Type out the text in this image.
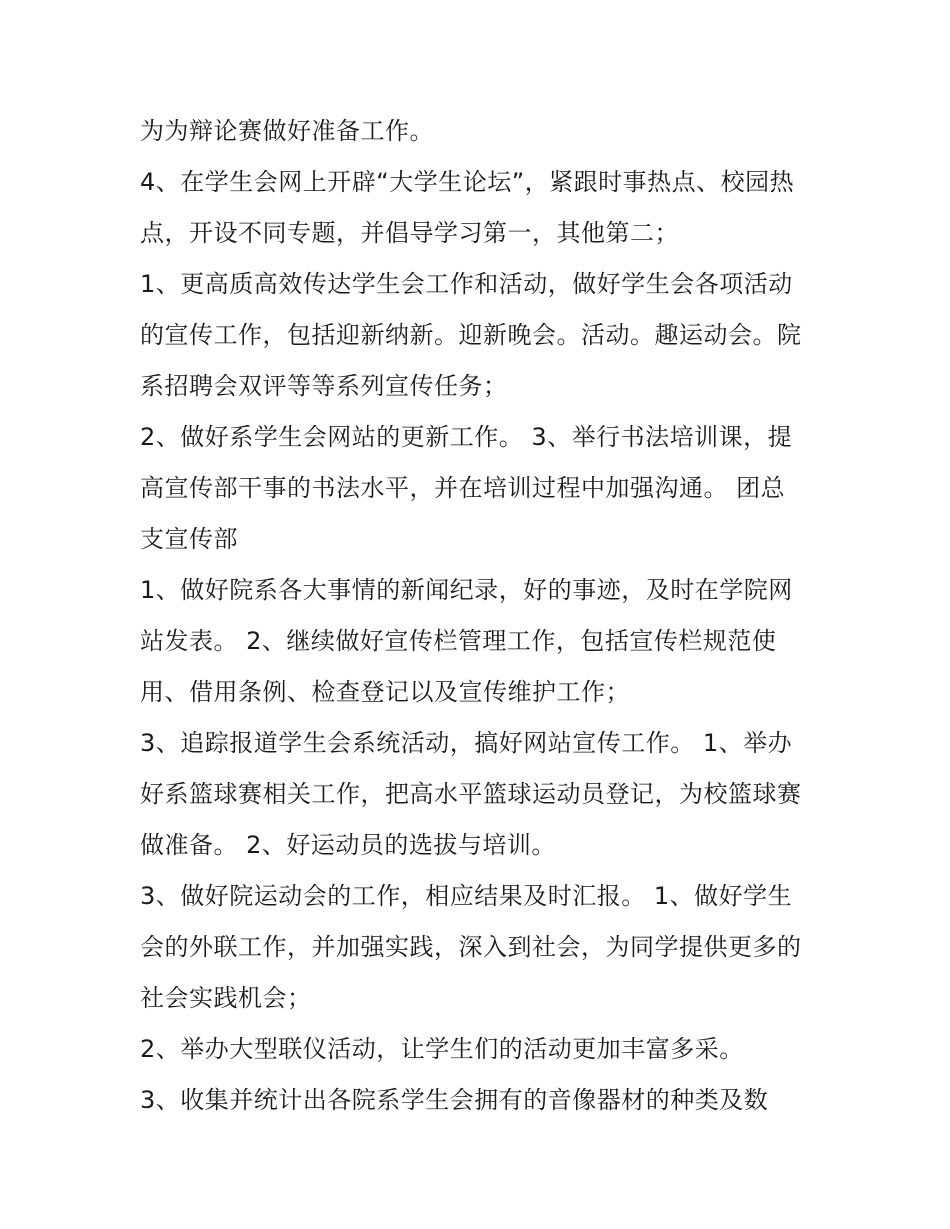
为为辩论赛做好准备工作。
4、在学生会网上开辟“大学生论坛”，紧跟时事热点、校园热
点，开设不同专题，并倡导学习第一，其他第二；
1、更高质高效传达学生会工作和活动，做好学生会各项活动
的宣传工作，包括迎新纳新。迎新晚会。活动。趣运动会。院
系招聘会双评等等系列宣传任务；
2、做好系学生会网站的更新工作。 3、举行书法培训课，提
高宣传部干事的书法水平，并在培训过程中加强沟通。 团总
支宣传部
1、做好院系各大事情的新闻纪录，好的事迹，及时在学院网
站发表。 2、继续做好宣传栏管理工作，包括宣传栏规范使
用、借用条例、检查登记以及宣传维护工作；
3、追踪报道学生会系统活动，搞好网站宣传工作。 1、举办
好系篮球赛相关工作，把高水平篮球运动员登记，为校篮球赛
做准备。 2、好运动员的选拔与培训。
3、做好院运动会的工作，相应结果及时汇报。 1、做好学生
会的外联工作，并加强实践，深入到社会，为同学提供更多的
社会实践机会；
2、举办大型联仪活动，让学生们的活动更加丰富多采。
3、收集并统计出各院系学生会拥有的音像器材的种类及数
